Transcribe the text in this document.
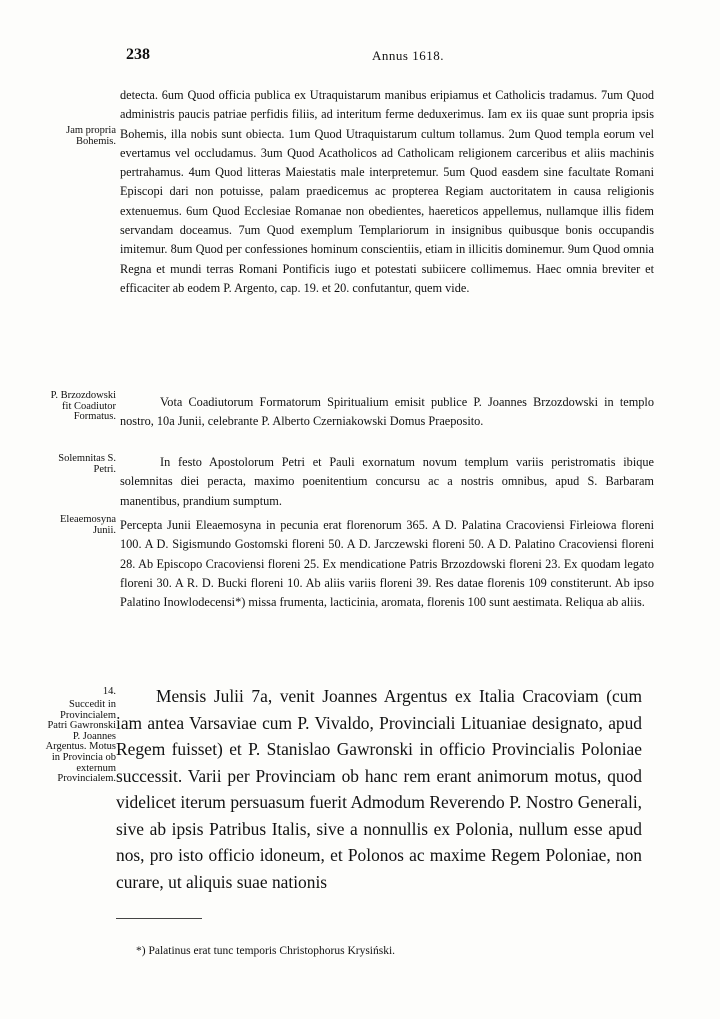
238	Annus 1618.

detecta. 6um Quod officia publica ex Utraquistarum manibus eripiamus et Catholicis tradamus. 7um Quod administris paucis patriae perfidis filiis, ad interitum ferme deduxerimus. Iam ex iis quae sunt propria ipsis Bohemis, illa nobis sunt obiecta. 1um Quod Utraquistarum cultum tollamus. 2um Quod templa eorum vel evertamus vel occludamus. 3um Quod Acatholicos ad Catholicam religionem carceribus et aliis machinis pertrahamus. 4um Quod litteras Maiestatis male interpretemur. 5um Quod easdem sine facultate Romani Episcopi dari non potuisse, palam praedicemus ac propterea Regiam auctoritatem in causa religionis extenuemus. 6um Quod Ecclesiae Romanae non obedientes, haereticos appellemus, nullamque illis fidem servandam doceamus. 7um Quod exemplum Templariorum in insignibus quibusque bonis occupandis imitemur. 8um Quod per confessiones hominum conscientiis, etiam in illicitis dominemur. 9um Quod omnia Regna et mundi terras Romani Pontificis iugo et potestati subiicere collimemus. Haec omnia breviter et efficaciter ab eodem P. Argento, cap. 19. et 20. confutantur, quem vide.

Vota Coadiutorum Formatorum Spiritualium emisit publice P. Joannes Brzozdowski in templo nostro, 10a Junii, celebrante P. Alberto Czerniakowski Domus Praeposito.

In festo Apostolorum Petri et Pauli exornatum novum templum variis peristromatis ibique solemnitas diei peracta, maximo poenitentium concursu ac a nostris omnibus, apud S. Barbaram manentibus, prandium sumptum.

Percepta Junii Eleaemosyna in pecunia erat florenorum 365. A D. Palatina Cracoviensi Firleiowa floreni 100. A D. Sigismundo Gostomski floreni 50. A D. Jarczewski floreni 50. A D. Palatino Cracoviensi floreni 28. Ab Episcopo Cracoviensi floreni 25. Ex mendicatione Patris Brzozdowski floreni 23. Ex quodam legato floreni 30. A R. D. Bucki floreni 10. Ab aliis variis floreni 39. Res datae florenis 109 constiterunt. Ab ipso Palatino Inowlodecensi*) missa frumenta, lacticinia, aromata, florenis 100 sunt aestimata. Reliqua ab aliis.

Mensis Julii 7a, venit Joannes Argentus ex Italia Cracoviam (cum iam antea Varsaviae cum P. Vivaldo, Provinciali Lituaniae designato, apud Regem fuisset) et P. Stanislao Gawronski in officio Provincialis Poloniae successit. Varii per Provinciam ob hanc rem erant animorum motus, quod videlicet iterum persuasum fuerit Admodum Reverendo P. Nostro Generali, sive ab ipsis Patribus Italis, sive a nonnullis ex Polonia, nullum esse apud nos, pro isto officio idoneum, et Polonos ac maxime Regem Poloniae, non curare, ut aliquis suae nationis

Jam propria Bohemis.
P. Brzozdowski fit Coadiutor Formatus.
Solemnitas S. Petri.
Eleaemosyna Junii.
14.
Succedit in Provincialem Patri Gawronski P. Joannes Argentus. Motus in Provincia ob externum Provincialem.
*) Palatinus erat tunc temporis Christophorus Krysiński.
